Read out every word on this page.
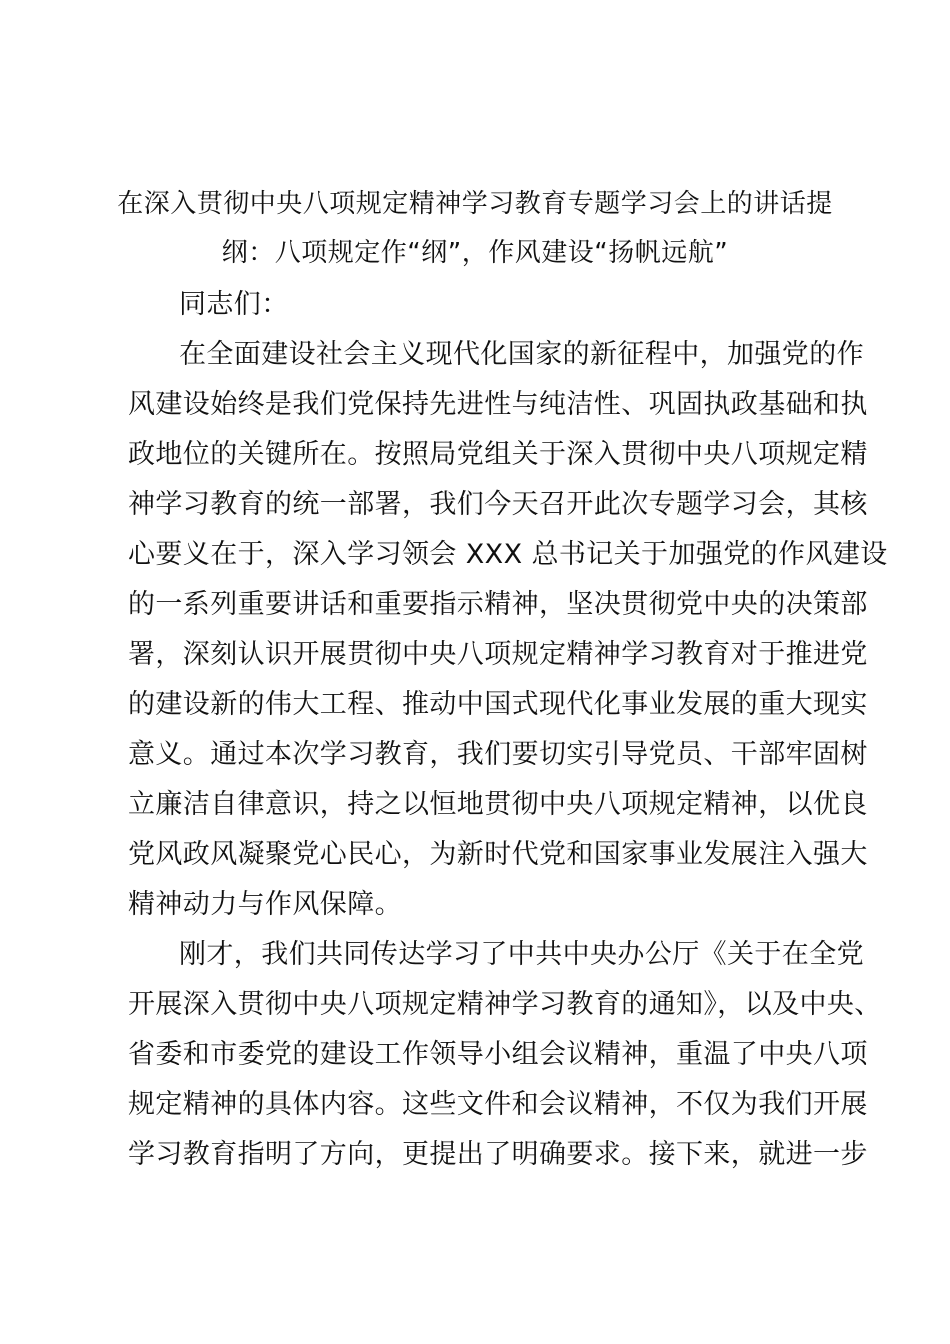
在深入贯彻中央八项规定精神学习教育专题学习会上的讲话提
纲：八项规定作“纲”，作风建设“扬帆远航”
同志们：
在全面建设社会主义现代化国家的新征程中，加强党的作
风建设始终是我们党保持先进性与纯洁性、巩固执政基础和执
政地位的关键所在。按照局党组关于深入贯彻中央八项规定精
神学习教育的统一部署，我们今天召开此次专题学习会，其核
心要义在于，深入学习领会 XXX 总书记关于加强党的作风建设
的一系列重要讲话和重要指示精神，坚决贯彻党中央的决策部
署，深刻认识开展贯彻中央八项规定精神学习教育对于推进党
的建设新的伟大工程、推动中国式现代化事业发展的重大现实
意义。通过本次学习教育，我们要切实引导党员、干部牢固树
立廉洁自律意识，持之以恒地贯彻中央八项规定精神，以优良
党风政风凝聚党心民心，为新时代党和国家事业发展注入强大
精神动力与作风保障。
刚才，我们共同传达学习了中共中央办公厅《关于在全党
开展深入贯彻中央八项规定精神学习教育的通知》，以及中央、
省委和市委党的建设工作领导小组会议精神，重温了中央八项
规定精神的具体内容。这些文件和会议精神，不仅为我们开展
学习教育指明了方向，更提出了明确要求。接下来，就进一步
